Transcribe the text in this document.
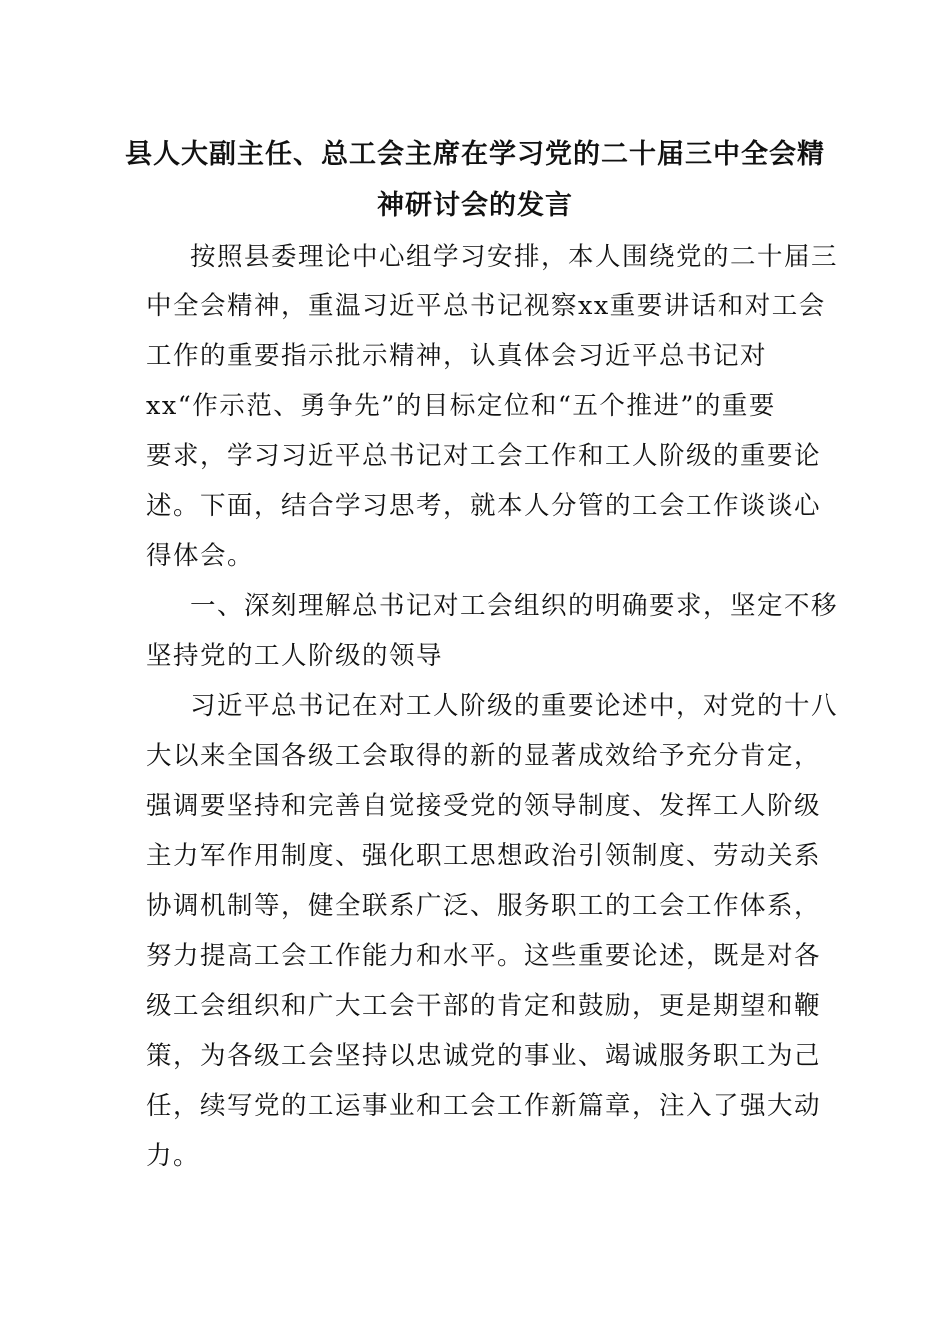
县人大副主任、总工会主席在学习党的二十届三中全会精
神研讨会的发言
按照县委理论中心组学习安排，本人围绕党的二十届三
中全会精神，重温习近平总书记视察xx重要讲话和对工会
工作的重要指示批示精神，认真体会习近平总书记对
xx“作示范、勇争先”的目标定位和“五个推进”的重要
要求，学习习近平总书记对工会工作和工人阶级的重要论
述。下面，结合学习思考，就本人分管的工会工作谈谈心
得体会。
一、深刻理解总书记对工会组织的明确要求，坚定不移
坚持党的工人阶级的领导
习近平总书记在对工人阶级的重要论述中，对党的十八
大以来全国各级工会取得的新的显著成效给予充分肯定，
强调要坚持和完善自觉接受党的领导制度、发挥工人阶级
主力军作用制度、强化职工思想政治引领制度、劳动关系
协调机制等，健全联系广泛、服务职工的工会工作体系，
努力提高工会工作能力和水平。这些重要论述，既是对各
级工会组织和广大工会干部的肯定和鼓励，更是期望和鞭
策，为各级工会坚持以忠诚党的事业、竭诚服务职工为己
任，续写党的工运事业和工会工作新篇章，注入了强大动
力。
